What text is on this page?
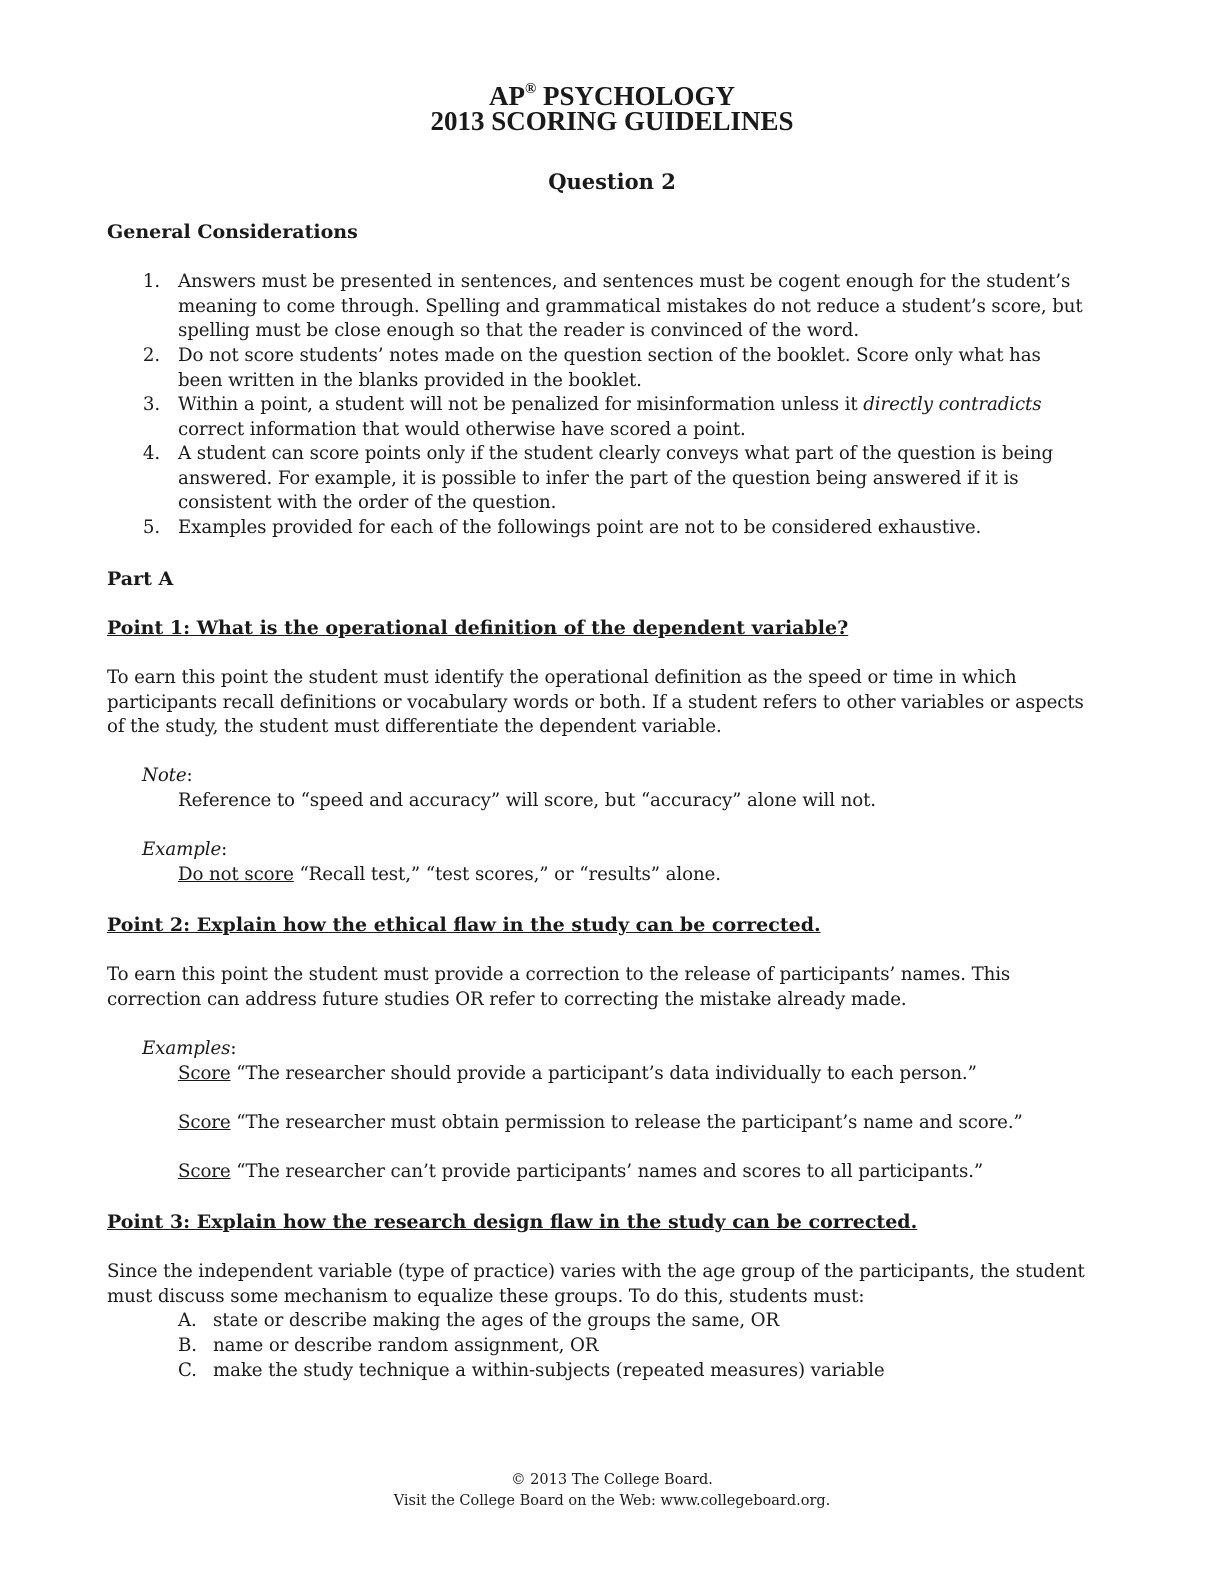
AP® PSYCHOLOGY
2013 SCORING GUIDELINES
Question 2
General Considerations
1. Answers must be presented in sentences, and sentences must be cogent enough for the student’s
meaning to come through. Spelling and grammatical mistakes do not reduce a student’s score, but
spelling must be close enough so that the reader is convinced of the word.
2. Do not score students’ notes made on the question section of the booklet. Score only what has
been written in the blanks provided in the booklet.
3. Within a point, a student will not be penalized for misinformation unless it directly contradicts
correct information that would otherwise have scored a point.
4. A student can score points only if the student clearly conveys what part of the question is being
answered. For example, it is possible to infer the part of the question being answered if it is
consistent with the order of the question.
5. Examples provided for each of the followings point are not to be considered exhaustive.
Part A
Point 1: What is the operational definition of the dependent variable?
To earn this point the student must identify the operational definition as the speed or time in which
participants recall definitions or vocabulary words or both. If a student refers to other variables or aspects
of the study, the student must differentiate the dependent variable.
Note:
Reference to “speed and accuracy” will score, but “accuracy” alone will not.
Example:
Do not score “Recall test,” “test scores,” or “results” alone.
Point 2: Explain how the ethical flaw in the study can be corrected.
To earn this point the student must provide a correction to the release of participants’ names. This
correction can address future studies OR refer to correcting the mistake already made.
Examples:
Score “The researcher should provide a participant’s data individually to each person.”
Score “The researcher must obtain permission to release the participant’s name and score.”
Score “The researcher can’t provide participants’ names and scores to all participants.”
Point 3: Explain how the research design flaw in the study can be corrected.
Since the independent variable (type of practice) varies with the age group of the participants, the student
must discuss some mechanism to equalize these groups. To do this, students must:
A. state or describe making the ages of the groups the same, OR
B. name or describe random assignment, OR
C. make the study technique a within-subjects (repeated measures) variable
© 2013 The College Board.
Visit the College Board on the Web: www.collegeboard.org.
